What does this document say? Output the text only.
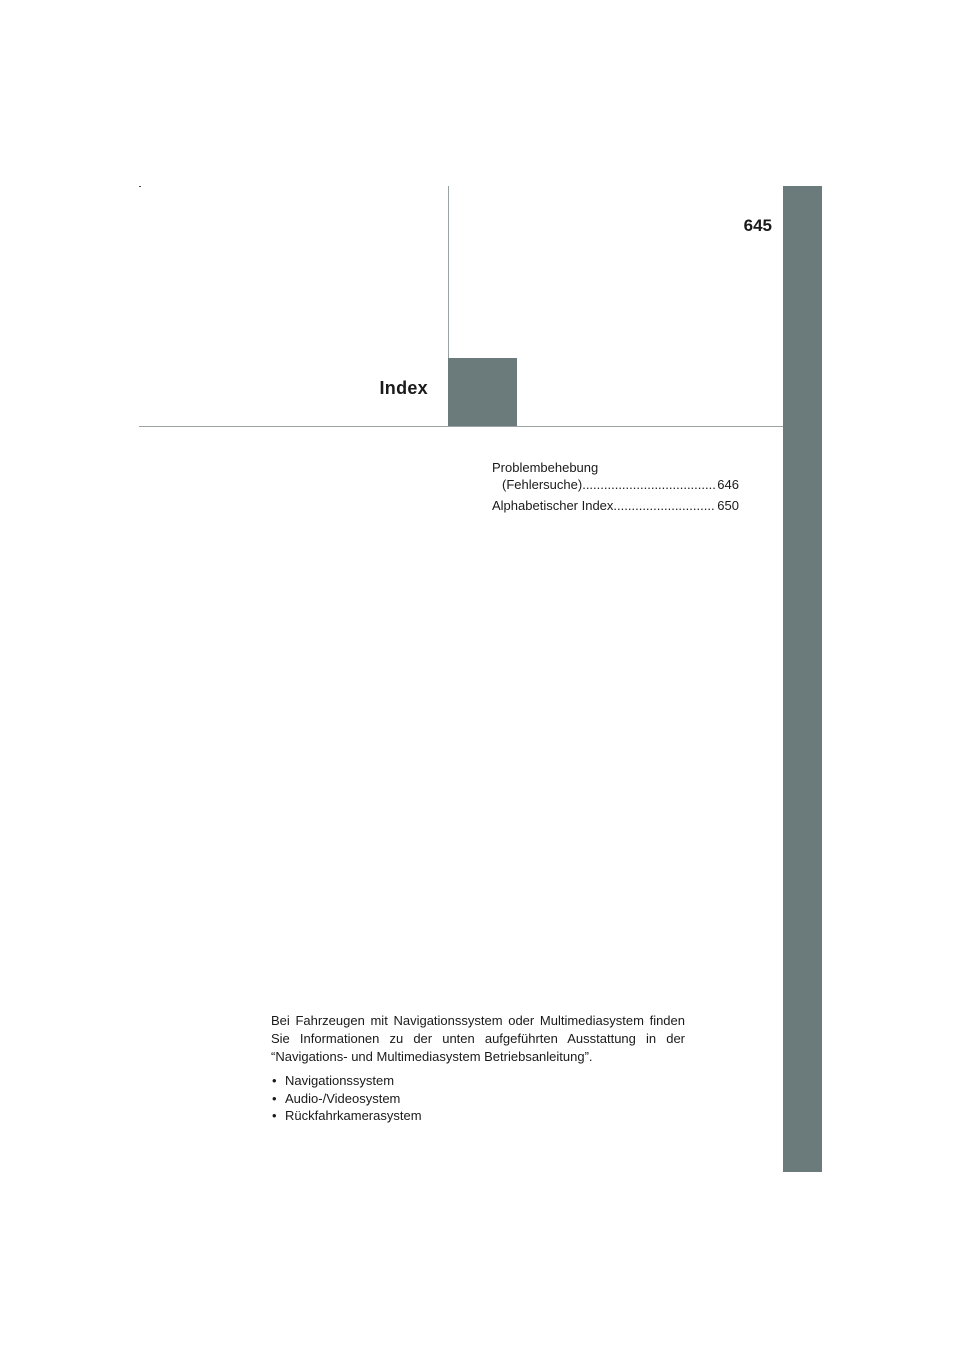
645
Index
Problembehebung
(Fehlersuche) .....	646
Alphabetischer Index .....	650

Bei Fahrzeugen mit Navigationssystem oder Multimediasystem finden Sie Informationen zu der unten aufgeführten Ausstattung in der “Navigations- und Multimediasystem Betriebsanleitung”.

• Navigationssystem
• Audio-/Videosystem
• Rückfahrkamerasystem
